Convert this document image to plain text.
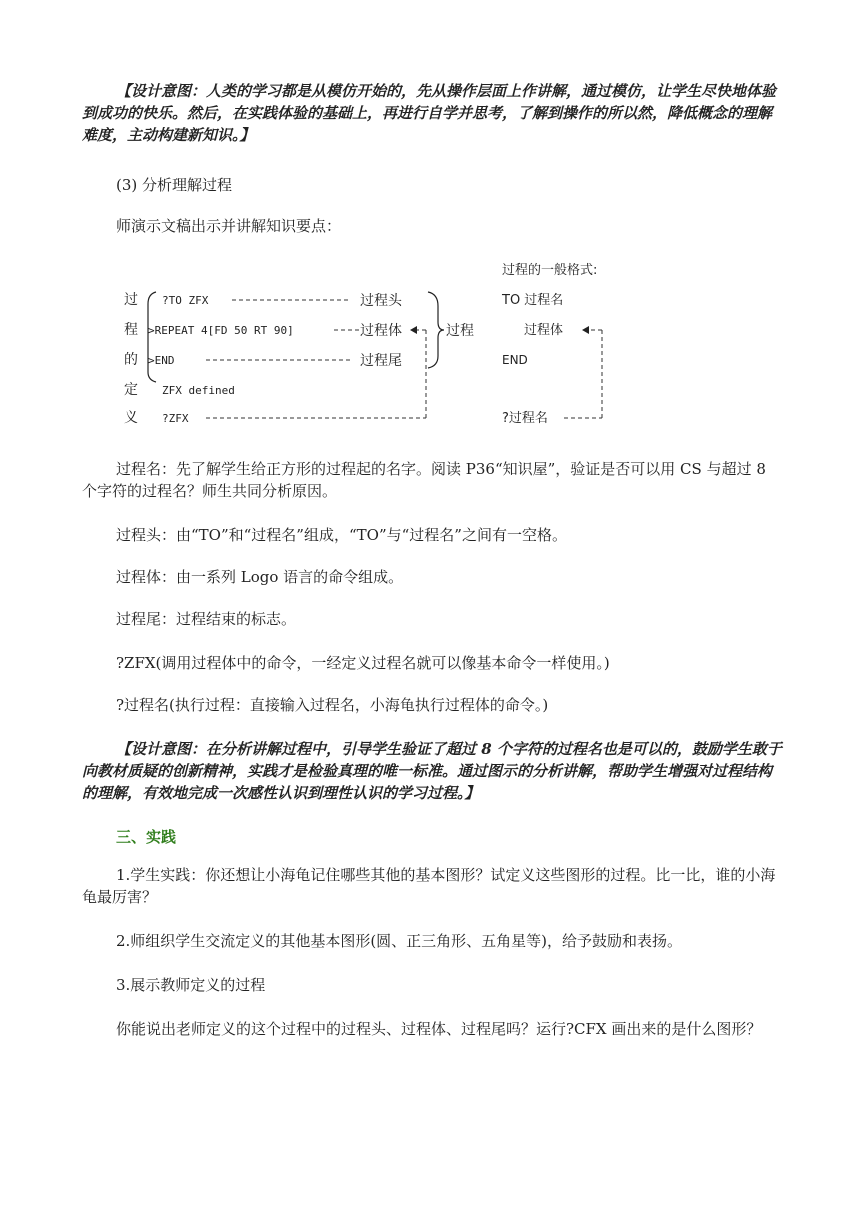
【设计意图：人类的学习都是从模仿开始的，先从操作层面上作讲解，通过模仿，让学生尽快地体验到成功的快乐。然后，在实践体验的基础上，再进行自学并思考，了解到操作的所以然，降低概念的理解难度，主动构建新知识。】
(3) 分析理解过程
师演示文稿出示并讲解知识要点：
过
程
的
定
义
?TO ZFX
>REPEAT 4[FD 50 RT 90]
>END
ZFX defined
?ZFX
过程头
过程体
过程尾
过程
过程的一般格式:
TO 过程名
过程体
END
?过程名
过程名：先了解学生给正方形的过程起的名字。阅读 P36“知识屋”，验证是否可以用 CS 与超过 8 个字符的过程名？师生共同分析原因。
过程头：由“TO”和“过程名”组成，“TO”与“过程名”之间有一空格。
过程体：由一系列 Logo 语言的命令组成。
过程尾：过程结束的标志。
?ZFX(调用过程体中的命令，一经定义过程名就可以像基本命令一样使用。)
?过程名(执行过程：直接输入过程名，小海龟执行过程体的命令。)
【设计意图：在分析讲解过程中，引导学生验证了超过 8 个字符的过程名也是可以的，鼓励学生敢于向教材质疑的创新精神，实践才是检验真理的唯一标准。通过图示的分析讲解，帮助学生增强对过程结构的理解，有效地完成一次感性认识到理性认识的学习过程。】
三、实践
1.学生实践：你还想让小海龟记住哪些其他的基本图形？试定义这些图形的过程。比一比，谁的小海龟最厉害？
2.师组织学生交流定义的其他基本图形(圆、正三角形、五角星等)，给予鼓励和表扬。
3.展示教师定义的过程
你能说出老师定义的这个过程中的过程头、过程体、过程尾吗？运行?CFX 画出来的是什么图形？
